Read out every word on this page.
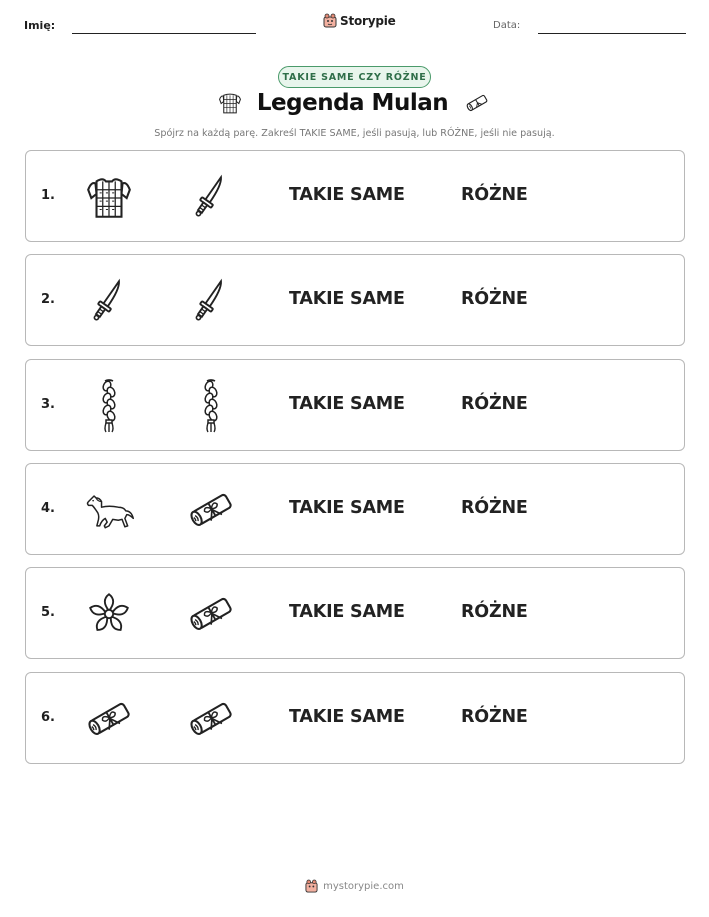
Imię:	Storypie	Data:
TAKIE SAME CZY RÓŻNE
Legenda Mulan
Spójrz na każdą parę. Zakreśl TAKIE SAME, jeśli pasują, lub RÓŻNE, jeśli nie pasują.
1.	TAKIE SAME	RÓŻNE
2.	TAKIE SAME	RÓŻNE
3.	TAKIE SAME	RÓŻNE
4.	TAKIE SAME	RÓŻNE
5.	TAKIE SAME	RÓŻNE
6.	TAKIE SAME	RÓŻNE
mystorypie.com
